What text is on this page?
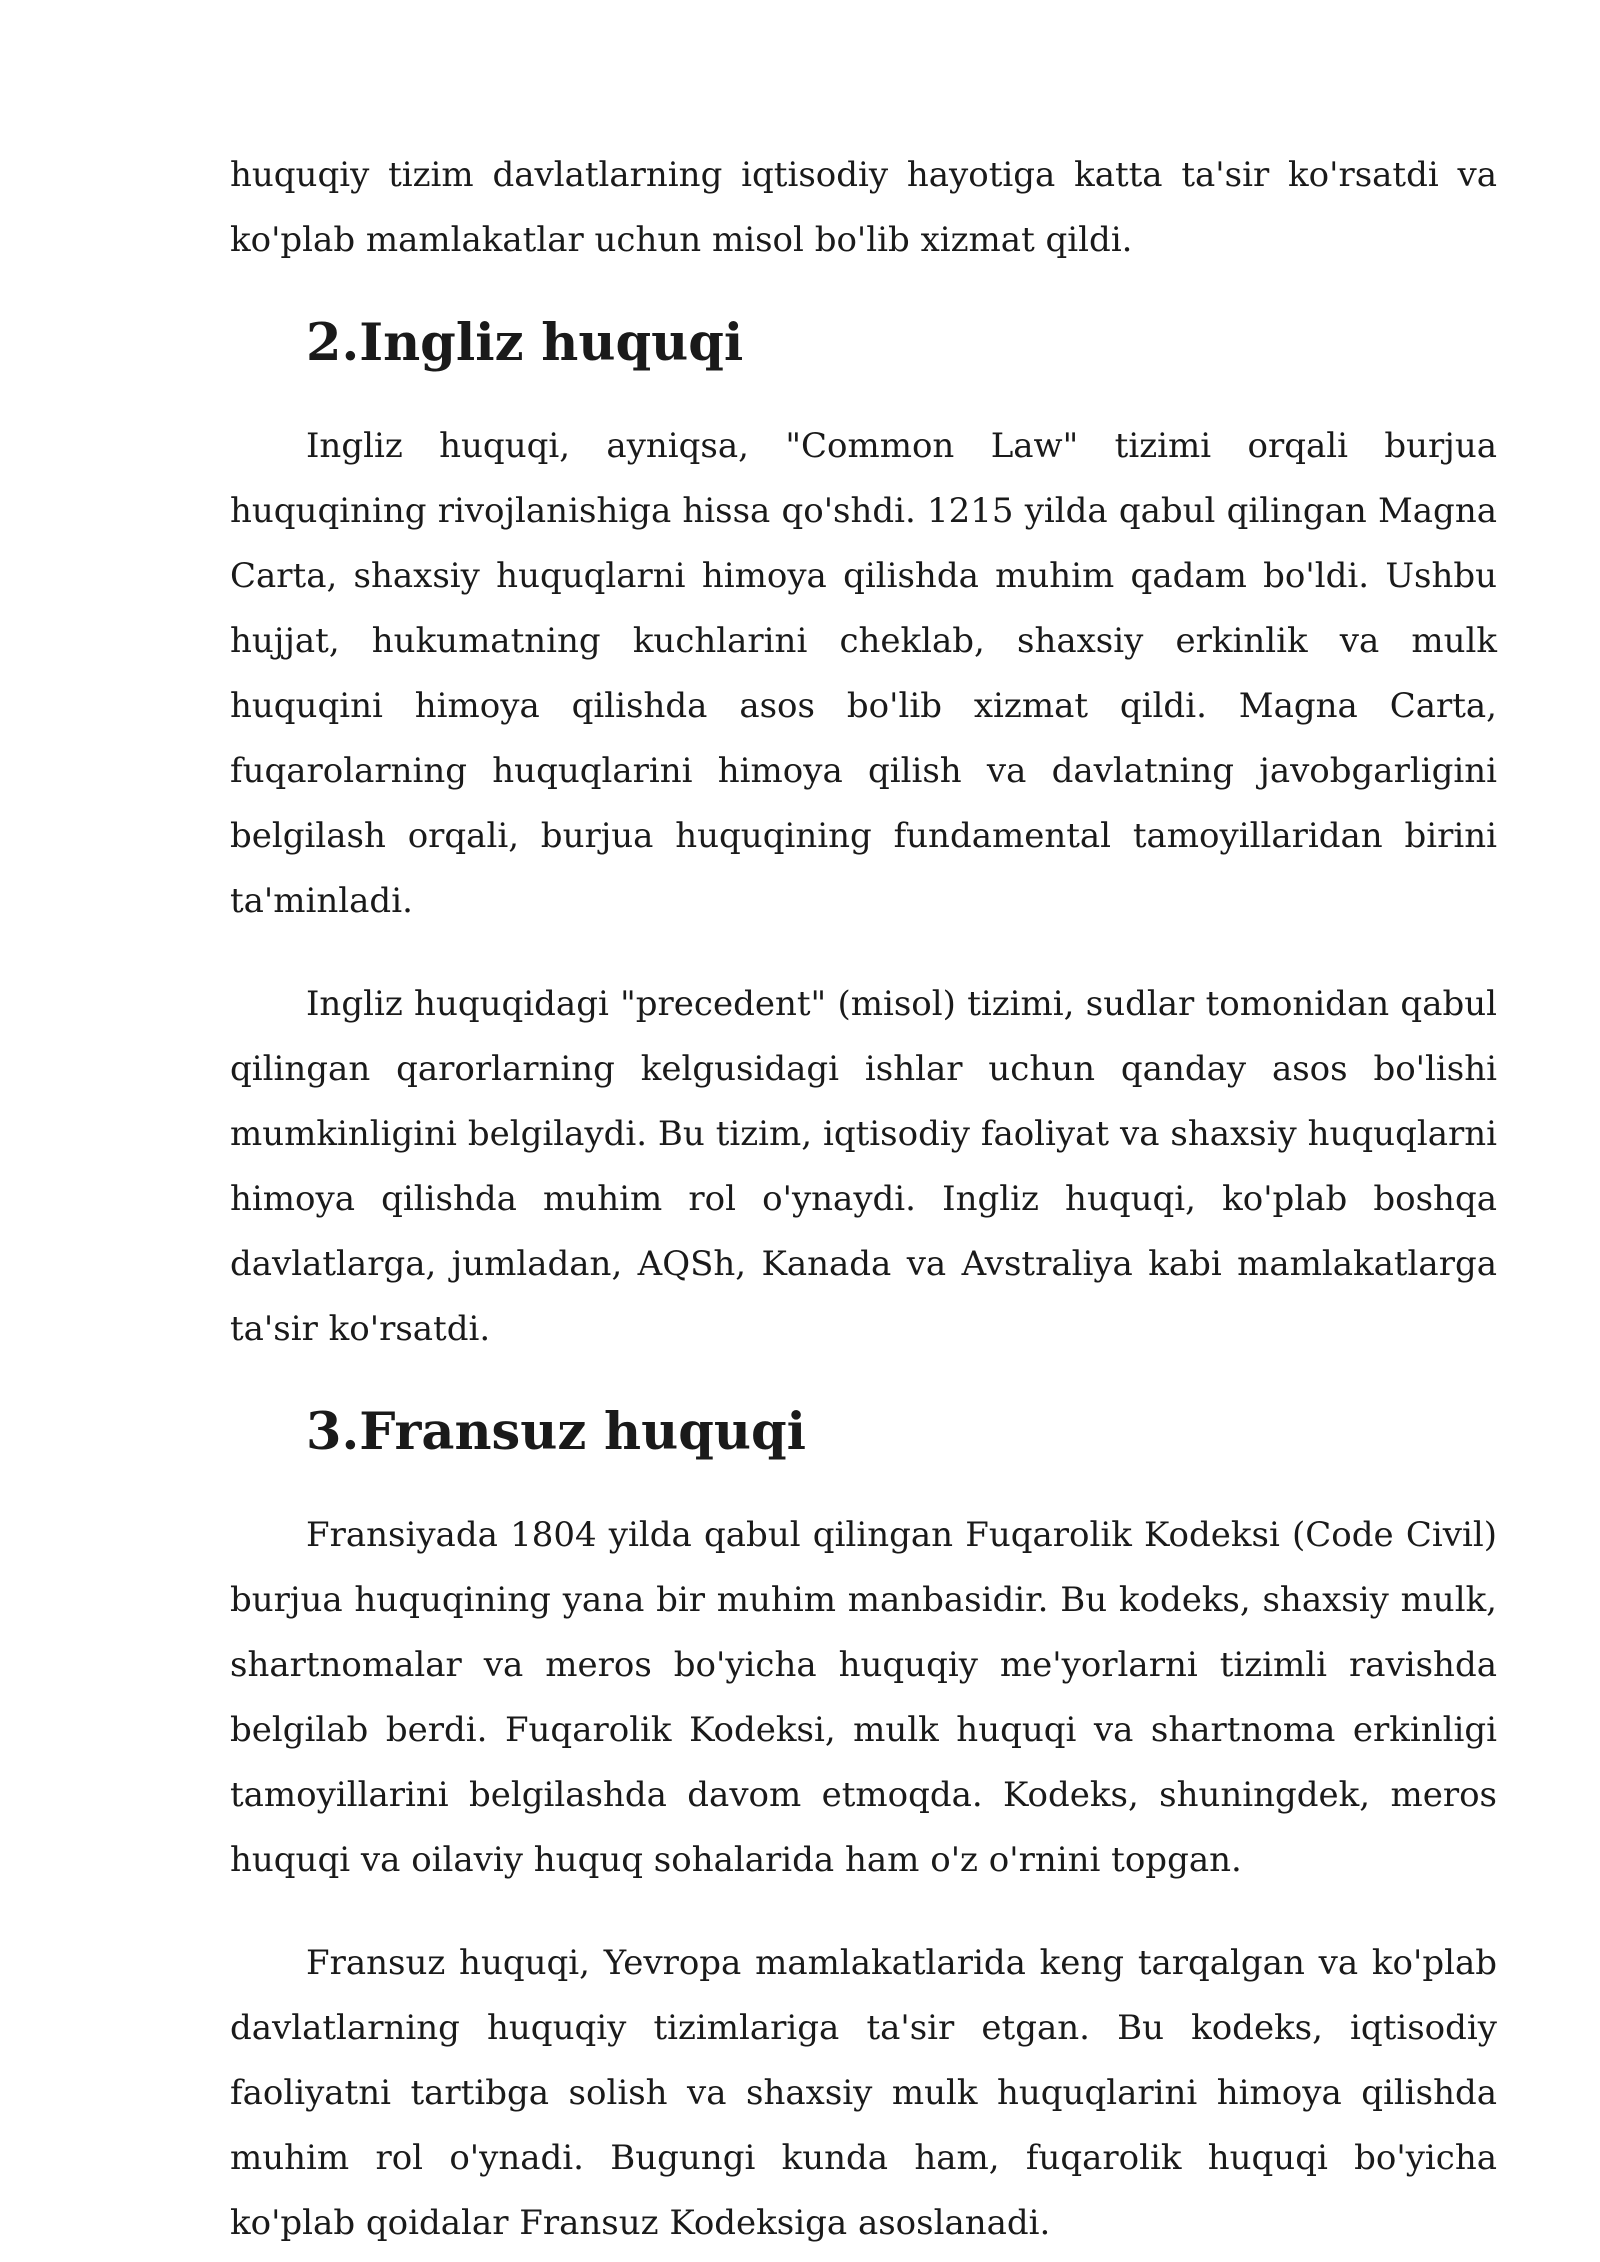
huquqiy tizim davlatlarning iqtisodiy hayotiga katta ta'sir ko'rsatdi va ko'plab mamlakatlar uchun misol bo'lib xizmat qildi.

2.Ingliz huquqi

Ingliz huquqi, ayniqsa, "Common Law" tizimi orqali burjua huquqining rivojlanishiga hissa qo'shdi. 1215 yilda qabul qilingan Magna Carta, shaxsiy huquqlarni himoya qilishda muhim qadam bo'ldi. Ushbu hujjat, hukumatning kuchlarini cheklab, shaxsiy erkinlik va mulk huquqini himoya qilishda asos bo'lib xizmat qildi. Magna Carta, fuqarolarning huquqlarini himoya qilish va davlatning javobgarligini belgilash orqali, burjua huquqining fundamental tamoyillaridan birini ta'minladi.

Ingliz huquqidagi "precedent" (misol) tizimi, sudlar tomonidan qabul qilingan qarorlarning kelgusidagi ishlar uchun qanday asos bo'lishi mumkinligini belgilaydi. Bu tizim, iqtisodiy faoliyat va shaxsiy huquqlarni himoya qilishda muhim rol o'ynaydi. Ingliz huquqi, ko'plab boshqa davlatlarga, jumladan, AQSh, Kanada va Avstraliya kabi mamlakatlarga ta'sir ko'rsatdi.

3.Fransuz huquqi

Fransiyada 1804 yilda qabul qilingan Fuqarolik Kodeksi (Code Civil) burjua huquqining yana bir muhim manbasidir. Bu kodeks, shaxsiy mulk, shartnomalar va meros bo'yicha huquqiy me'yorlarni tizimli ravishda belgilab berdi. Fuqarolik Kodeksi, mulk huquqi va shartnoma erkinligi tamoyillarini belgilashda davom etmoqda. Kodeks, shuningdek, meros huquqi va oilaviy huquq sohalarida ham o'z o'rnini topgan.

Fransuz huquqi, Yevropa mamlakatlarida keng tarqalgan va ko'plab davlatlarning huquqiy tizimlariga ta'sir etgan. Bu kodeks, iqtisodiy faoliyatni tartibga solish va shaxsiy mulk huquqlarini himoya qilishda muhim rol o'ynadi. Bugungi kunda ham, fuqarolik huquqi bo'yicha ko'plab qoidalar Fransuz Kodeksiga asoslanadi.
